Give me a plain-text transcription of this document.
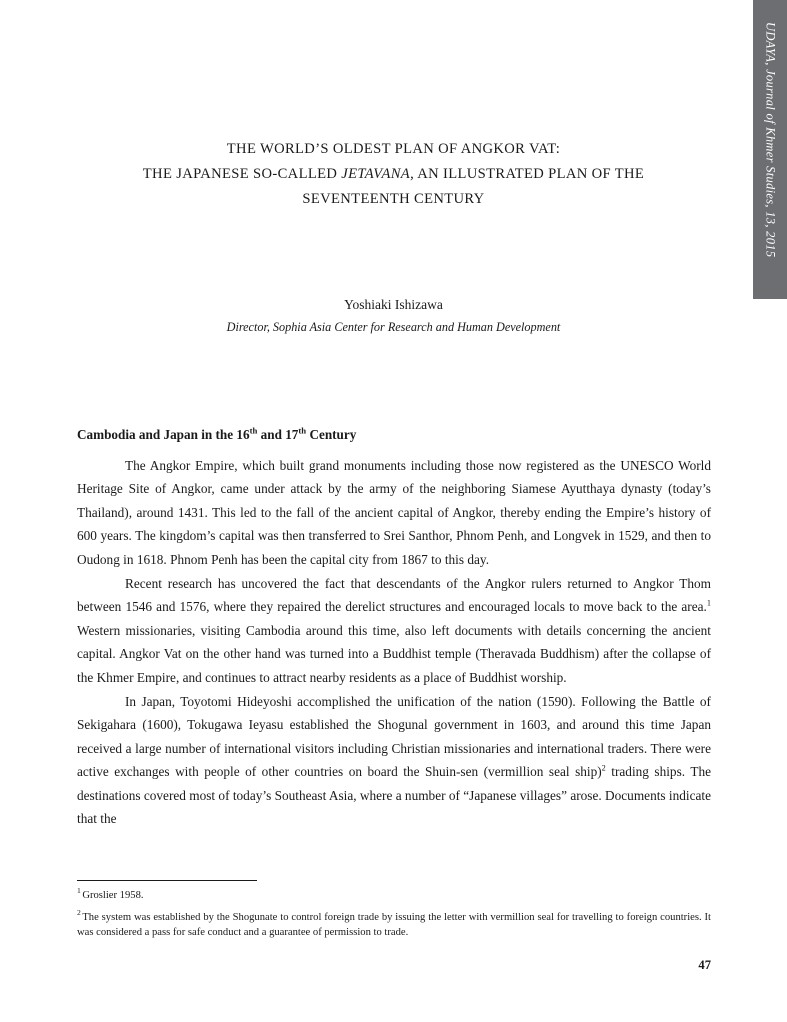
UDAYA, Journal of Khmer Studies, 13, 2015
THE WORLD’S OLDEST PLAN OF ANGKOR VAT:
THE JAPANESE SO-CALLED JETAVANA, AN ILLUSTRATED PLAN OF THE
SEVENTEENTH CENTURY
Yoshiaki Ishizawa
Director, Sophia Asia Center for Research and Human Development
Cambodia and Japan in the 16th and 17th Century

The Angkor Empire, which built grand monuments including those now registered as the UNESCO World Heritage Site of Angkor, came under attack by the army of the neighboring Siamese Ayutthaya dynasty (today’s Thailand), around 1431. This led to the fall of the ancient capital of Angkor, thereby ending the Empire’s history of 600 years. The kingdom’s capital was then transferred to Srei Santhor, Phnom Penh, and Longvek in 1529, and then to Oudong in 1618. Phnom Penh has been the capital city from 1867 to this day.

Recent research has uncovered the fact that descendants of the Angkor rulers returned to Angkor Thom between 1546 and 1576, where they repaired the derelict structures and encouraged locals to move back to the area.$^1$ Western missionaries, visiting Cambodia around this time, also left documents with details concerning the ancient capital. Angkor Vat on the other hand was turned into a Buddhist temple (Theravada Buddhism) after the collapse of the Khmer Empire, and continues to attract nearby residents as a place of Buddhist worship.

In Japan, Toyotomi Hideyoshi accomplished the unification of the nation (1590). Following the Battle of Sekigahara (1600), Tokugawa Ieyasu established the Shogunal government in 1603, and around this time Japan received a large number of international visitors including Christian missionaries and international traders. There were active exchanges with people of other countries on board the Shuin-sen (vermillion seal ship)$^2$ trading ships. The destinations covered most of today’s Southeast Asia, where a number of “Japanese villages” arose. Documents indicate that the

$^1$ Groslier 1958.

$^2$ The system was established by the Shogunate to control foreign trade by issuing the letter with vermillion seal for travelling to foreign countries. It was considered a pass for safe conduct and a guarantee of permission to trade.

47
